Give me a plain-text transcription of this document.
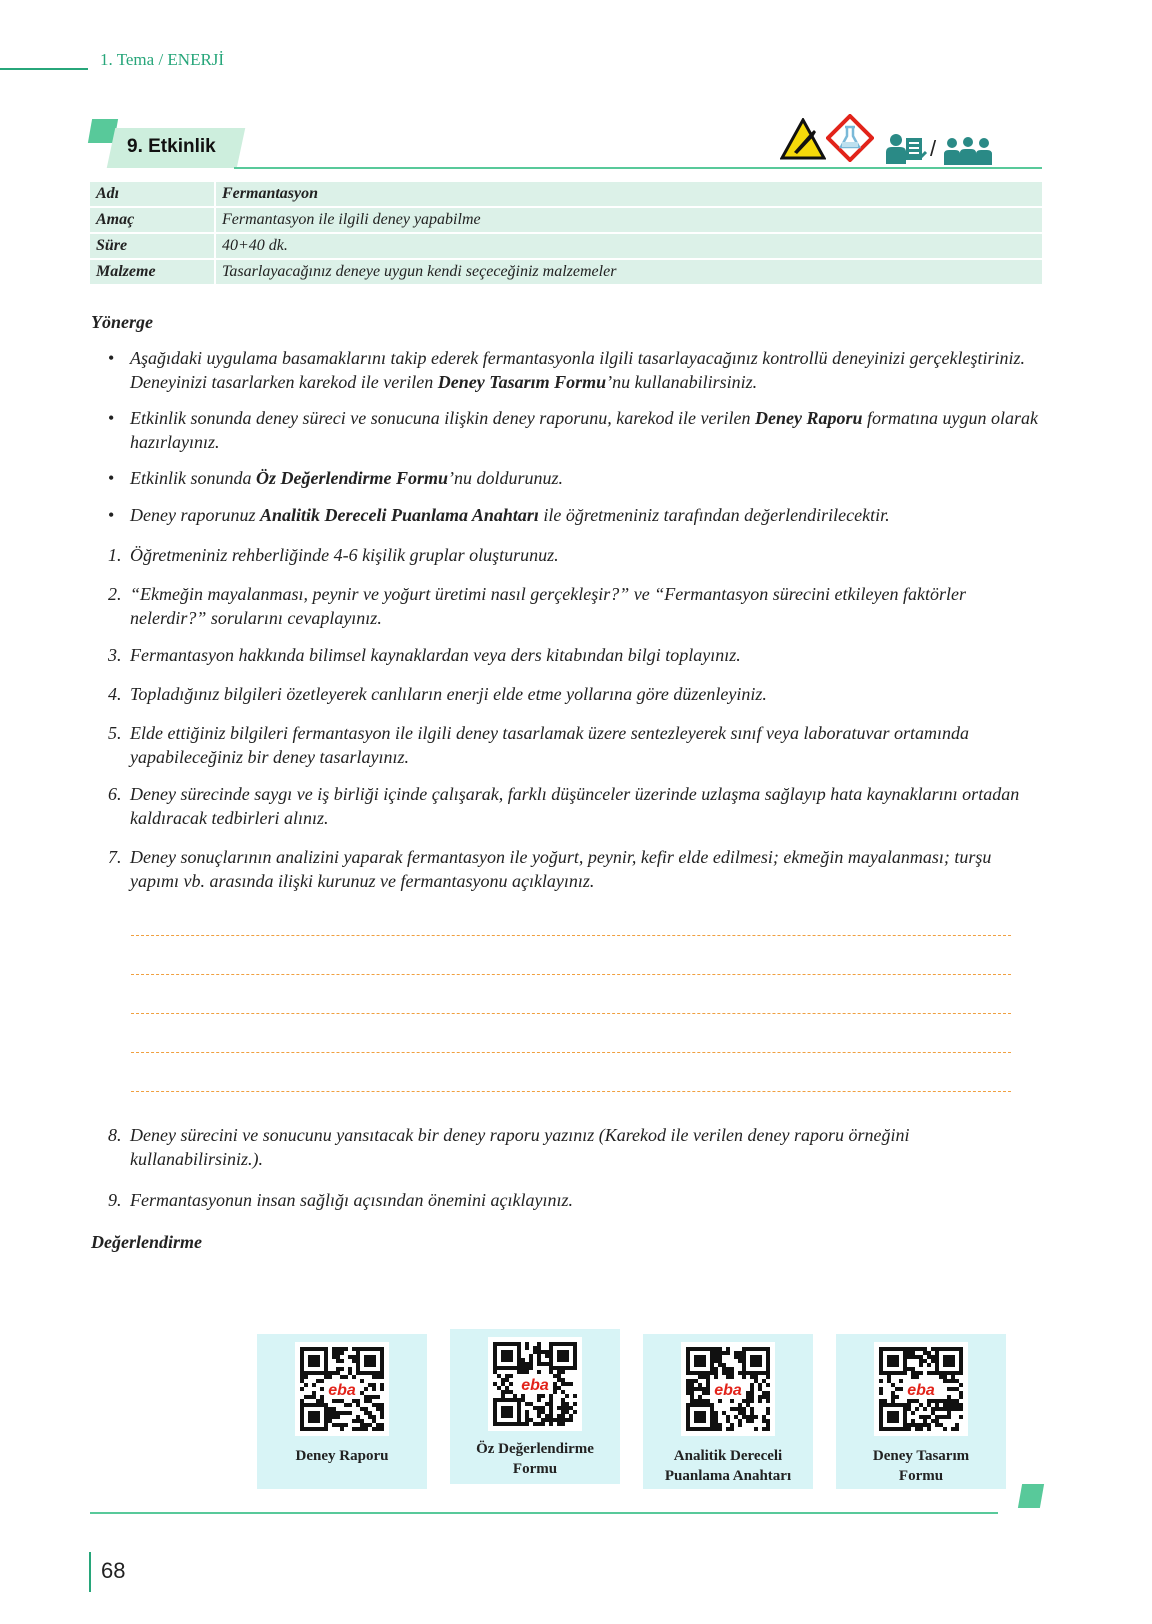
1. Tema / ENERJİ
9. Etkinlik	/
Adı	Fermantasyon
Amaç	Fermantasyon ile ilgili deney yapabilme
Süre	40+40 dk.
Malzeme	Tasarlayacağınız deneye uygun kendi seçeceğiniz malzemeler
Yönerge
• Aşağıdaki uygulama basamaklarını takip ederek fermantasyonla ilgili tasarlayacağınız kontrollü deneyinizi gerçekleştiriniz. Deneyinizi tasarlarken karekod ile verilen Deney Tasarım Formu’nu kullanabilirsiniz.
• Etkinlik sonunda deney süreci ve sonucuna ilişkin deney raporunu, karekod ile verilen Deney Raporu formatına uygun olarak hazırlayınız.
• Etkinlik sonunda Öz Değerlendirme Formu’nu doldurunuz.
• Deney raporunuz Analitik Dereceli Puanlama Anahtarı ile öğretmeniniz tarafından değerlendirilecektir.
1. Öğretmeniniz rehberliğinde 4-6 kişilik gruplar oluşturunuz.
2. “Ekmeğin mayalanması, peynir ve yoğurt üretimi nasıl gerçekleşir?” ve “Fermantasyon sürecini etkileyen faktörler nelerdir?” sorularını cevaplayınız.
3. Fermantasyon hakkında bilimsel kaynaklardan veya ders kitabından bilgi toplayınız.
4. Topladığınız bilgileri özetleyerek canlıların enerji elde etme yollarına göre düzenleyiniz.
5. Elde ettiğiniz bilgileri fermantasyon ile ilgili deney tasarlamak üzere sentezleyerek sınıf veya laboratuvar ortamında yapabileceğiniz bir deney tasarlayınız.
6. Deney sürecinde saygı ve iş birliği içinde çalışarak, farklı düşünceler üzerinde uzlaşma sağlayıp hata kaynaklarını ortadan kaldıracak tedbirleri alınız.
7. Deney sonuçlarının analizini yaparak fermantasyon ile yoğurt, peynir, kefir elde edilmesi; ekmeğin mayalanması; turşu yapımı vb. arasında ilişki kurunuz ve fermantasyonu açıklayınız.
8. Deney sürecini ve sonucunu yansıtacak bir deney raporu yazınız (Karekod ile verilen deney raporu örneğini kullanabilirsiniz.).
9. Fermantasyonun insan sağlığı açısından önemini açıklayınız.
Değerlendirme
eba
Deney Raporu
eba
Öz Değerlendirme
Formu
eba
Analitik Dereceli
Puanlama Anahtarı
eba
Deney Tasarım
Formu
68
